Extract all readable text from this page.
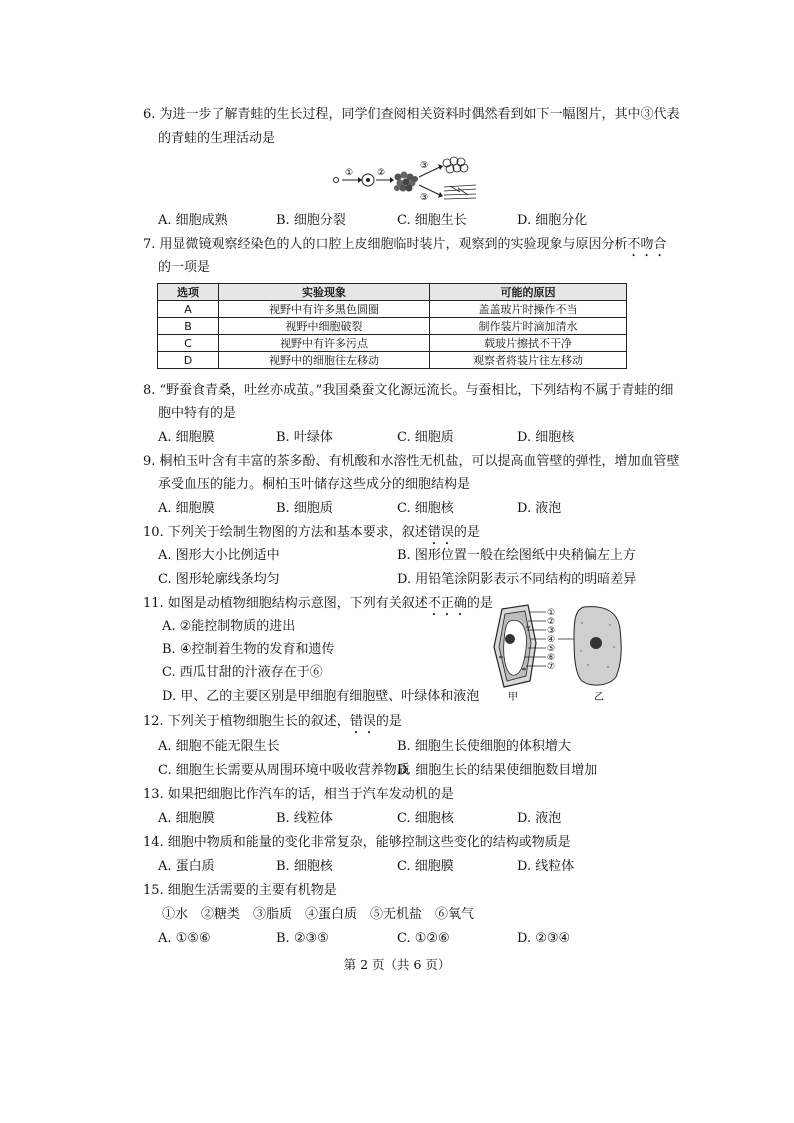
6. 为进一步了解青蛙的生长过程，同学们查阅相关资料时偶然看到如下一幅图片，其中③代表
的青蛙的生理活动是
①	②
③
③
A. 细胞成熟	B. 细胞分裂	C. 细胞生长	D. 细胞分化
7. 用显微镜观察经染色的人的口腔上皮细胞临时装片，观察到的实验现象与原因分析不吻合
的一项是
选项	实验现象	可能的原因
A	视野中有许多黑色圆圈	盖盖玻片时操作不当
B	视野中细胞破裂	制作装片时滴加清水
C	视野中有许多污点	载玻片擦拭不干净
D	视野中的细胞往左移动	观察者将装片往左移动
8. “野蚕食青桑，吐丝亦成茧。”我国桑蚕文化源远流长。与蚕相比，下列结构不属于青蛙的细
胞中特有的是
A. 细胞膜	B. 叶绿体	C. 细胞质	D. 细胞核
9. 桐柏玉叶含有丰富的茶多酚、有机酸和水溶性无机盐，可以提高血管壁的弹性，增加血管壁
承受血压的能力。桐柏玉叶储存这些成分的细胞结构是
A. 细胞膜	B. 细胞质	C. 细胞核	D. 液泡
10. 下列关于绘制生物图的方法和基本要求，叙述错误的是
A. 图形大小比例适中	B. 图形位置一般在绘图纸中央稍偏左上方
C. 图形轮廓线条均匀	D. 用铅笔涂阴影表示不同结构的明暗差异
11. 如图是动植物细胞结构示意图，下列有关叙述不正确的是
A. ②能控制物质的进出
B. ④控制着生物的发育和遗传
C. 西瓜甘甜的汁液存在于⑥
D. 甲、乙的主要区别是甲细胞有细胞壁、叶绿体和液泡
①
②
③
④
⑤
⑥
⑦
甲	乙
12. 下列关于植物细胞生长的叙述，错误的是
A. 细胞不能无限生长	B. 细胞生长使细胞的体积增大
C. 细胞生长需要从周围环境中吸收营养物质
D. 细胞生长的结果使细胞数目增加
13. 如果把细胞比作汽车的话，相当于汽车发动机的是
A. 细胞膜	B. 线粒体	C. 细胞核	D. 液泡
14. 细胞中物质和能量的变化非常复杂，能够控制这些变化的结构或物质是
A. 蛋白质	B. 细胞核	C. 细胞膜	D. 线粒体
15. 细胞生活需要的主要有机物是
①水　②糖类　③脂质　④蛋白质　⑤无机盐　⑥氧气
A. ①⑤⑥	B. ②③⑤	C. ①②⑥	D. ②③④
第 2 页（共 6 页）
